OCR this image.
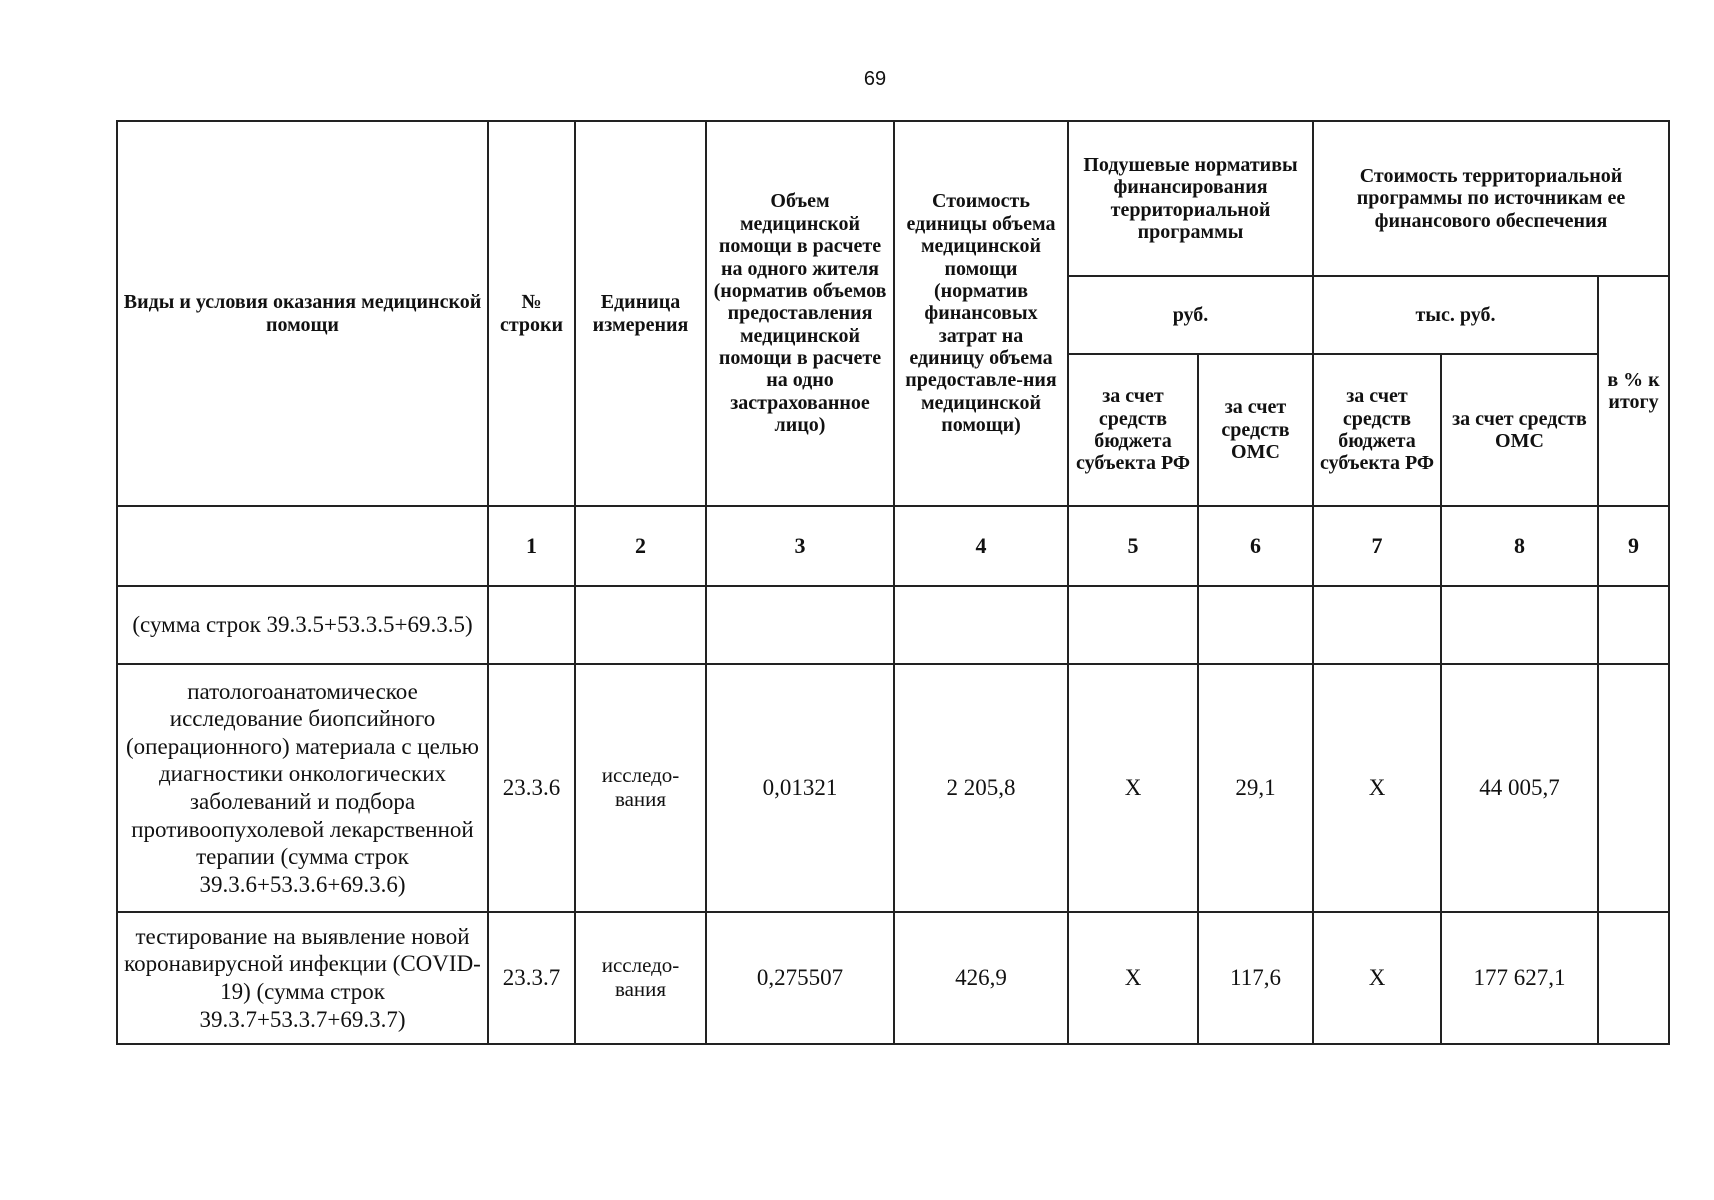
69
Виды и условия оказания медицинской помощи	№ строки	Единица измерения	Объем медицинской помощи в расчете на одного жителя (норматив объемов предоставления медицинской помощи в расчете на одно застрахованное лицо)	Стоимость единицы объема медицинской помощи (норматив финансовых затрат на единицу объема предоставле-ния медицинской помощи)	Подушевые нормативы финансирования территориальной программы		Стоимость территориальной программы по источникам ее финансового обеспечения		
					руб.		тыс. руб.		в % к итогу
					за счет средств бюджета субъекта РФ	за счет средств ОМС	за счет средств бюджета субъекта РФ	за счет средств ОМС	
	1	2	3	4	5	6	7	8	9
(сумма строк 39.3.5+53.3.5+69.3.5)									
патологоанатомическое исследование биопсийного (операционного) материала с целью диагностики онкологических заболеваний и подбора противоопухолевой лекарственной терапии (сумма строк 39.3.6+53.3.6+69.3.6)	23.3.6	исследо-вания	0,01321	2 205,8	Х	29,1	Х	44 005,7	
тестирование на выявление новой коронавирусной инфекции (COVID-19) (сумма строк 39.3.7+53.3.7+69.3.7)	23.3.7	исследо-вания	0,275507	426,9	Х	117,6	Х	177 627,1	
